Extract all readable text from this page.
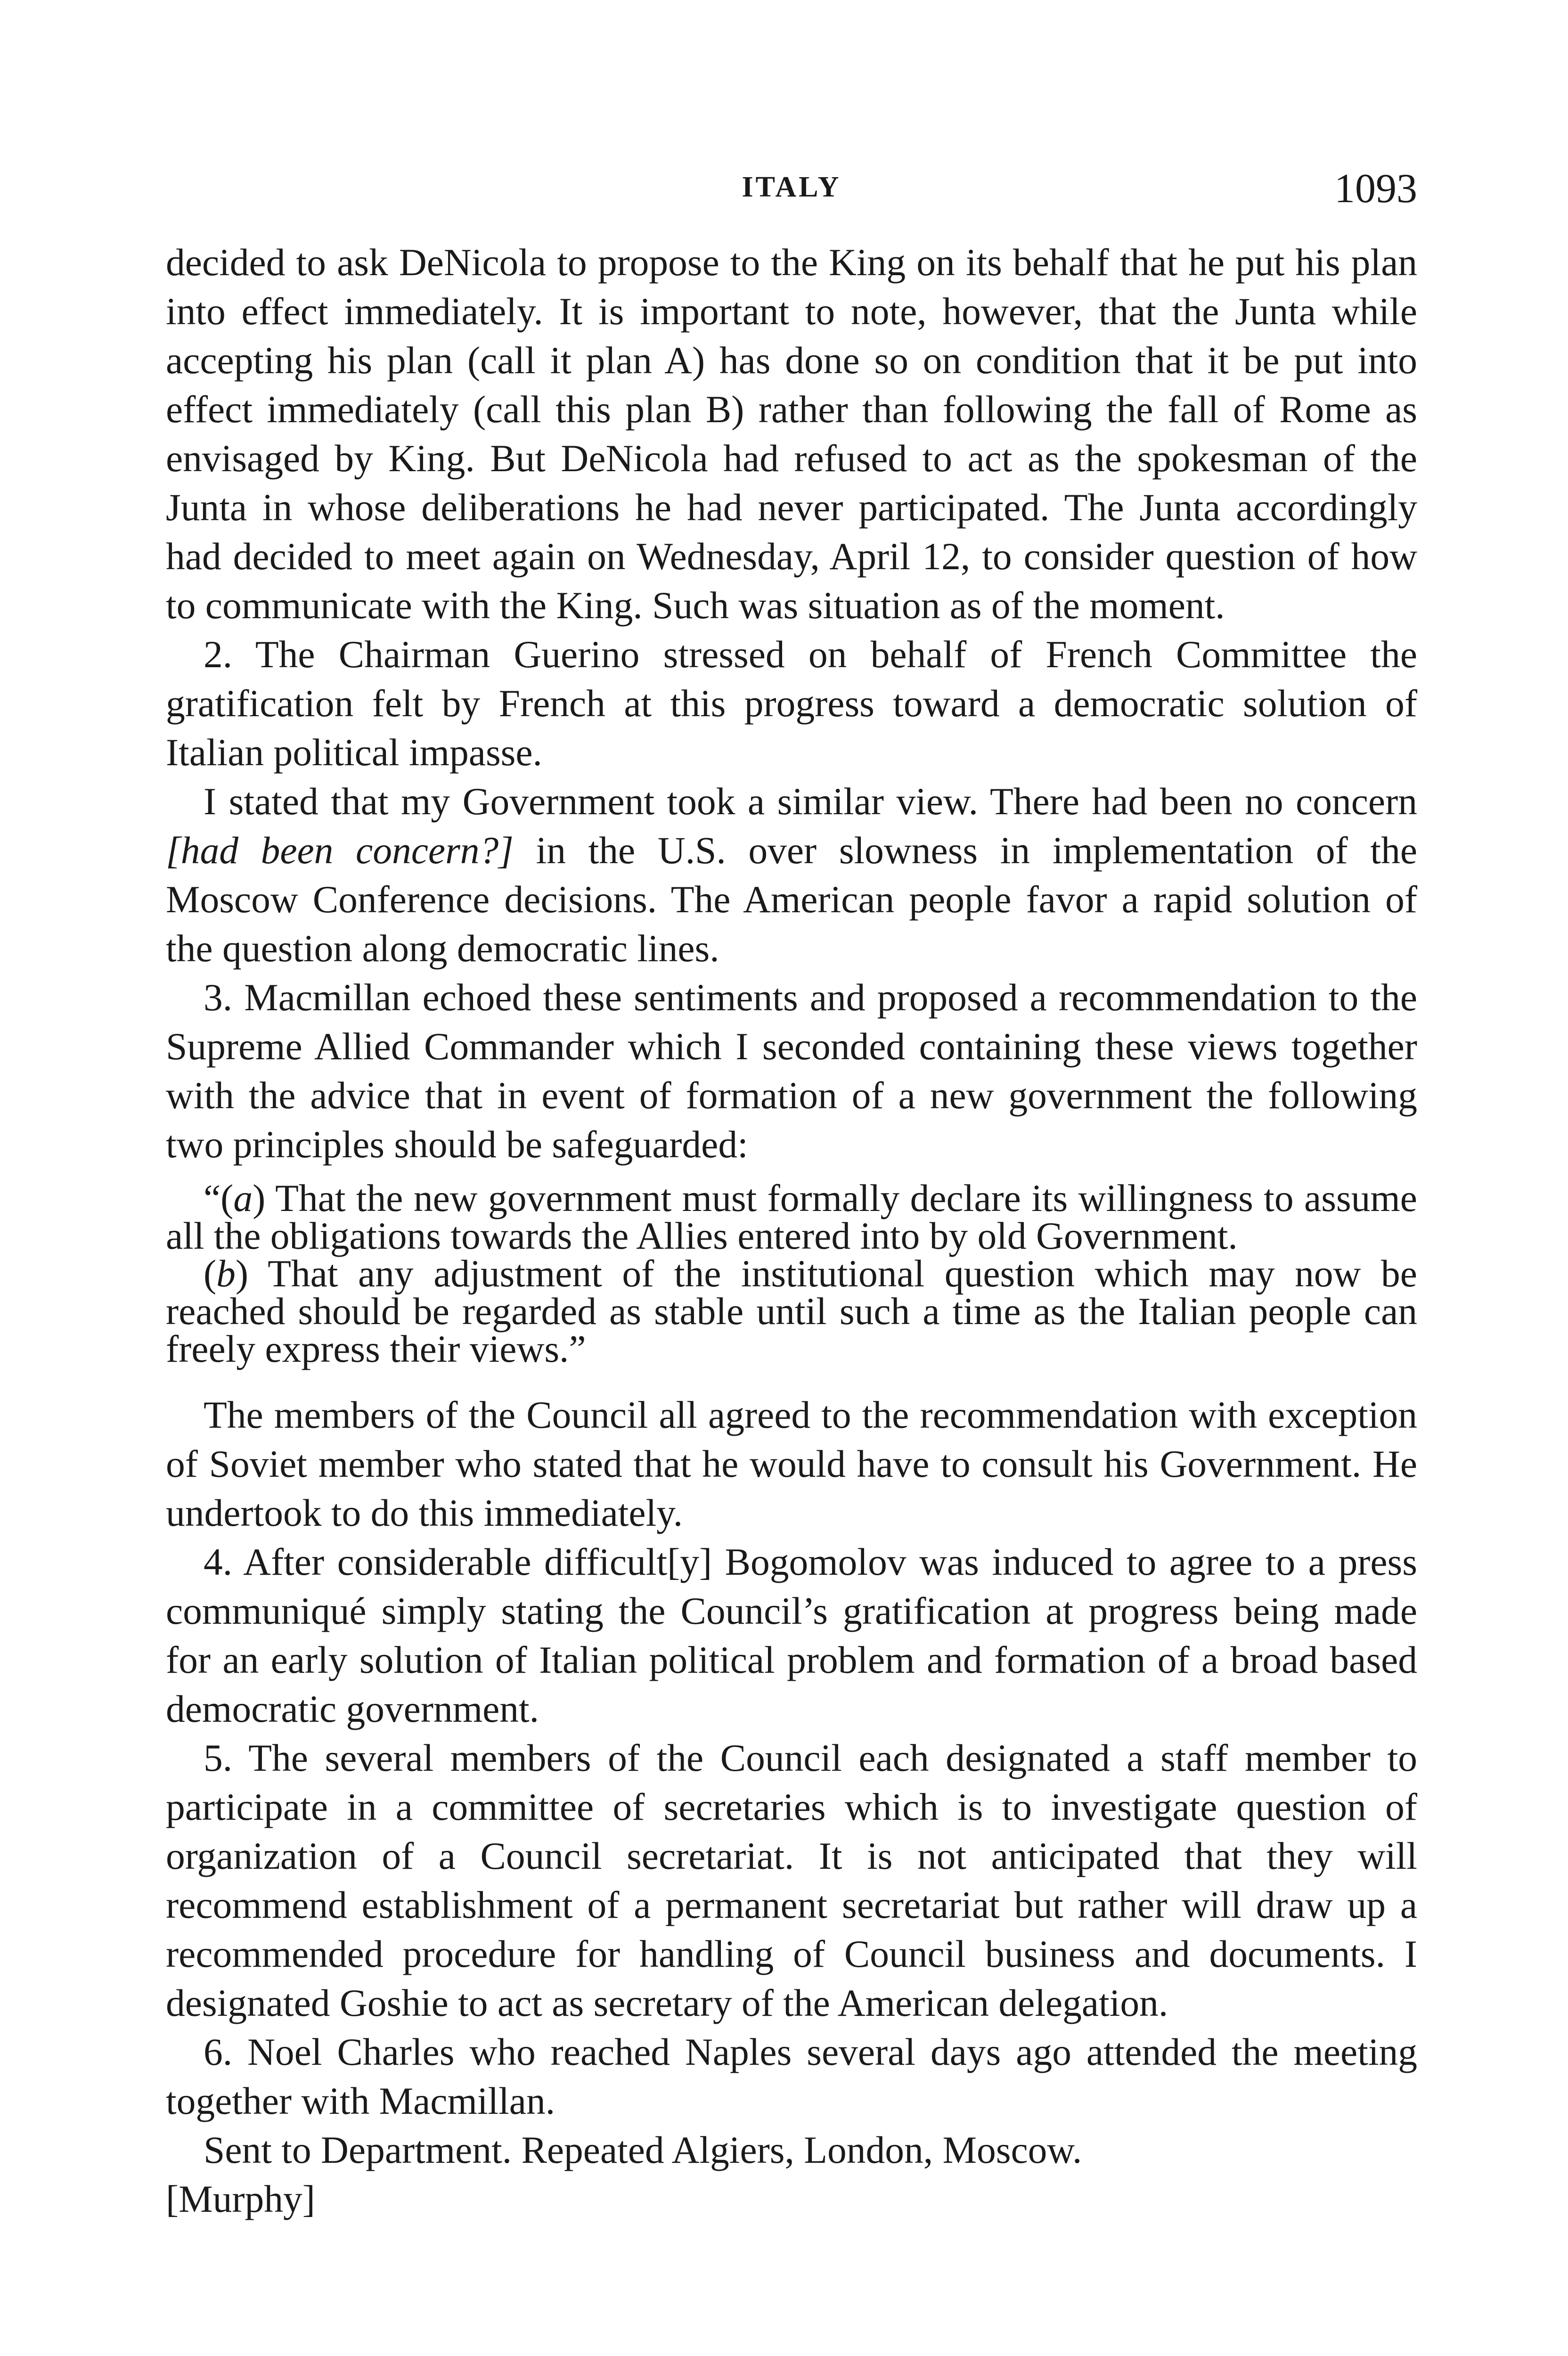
ITALY	1093

decided to ask DeNicola to propose to the King on its behalf that he put his plan into effect immediately. It is important to note, however, that the Junta while accepting his plan (call it plan A) has done so on condition that it be put into effect immediately (call this plan B) rather than following the fall of Rome as envisaged by King. But DeNicola had refused to act as the spokesman of the Junta in whose deliberations he had never participated. The Junta accordingly had decided to meet again on Wednesday, April 12, to consider question of how to communicate with the King. Such was situation as of the moment.

2. The Chairman Guerino stressed on behalf of French Committee the gratification felt by French at this progress toward a democratic solution of Italian political impasse.

I stated that my Government took a similar view. There had been no concern [had been concern?] in the U.S. over slowness in implementation of the Moscow Conference decisions. The American people favor a rapid solution of the question along democratic lines.

3. Macmillan echoed these sentiments and proposed a recommendation to the Supreme Allied Commander which I seconded containing these views together with the advice that in event of formation of a new government the following two principles should be safeguarded:

“(a) That the new government must formally declare its willingness to assume all the obligations towards the Allies entered into by old Government.

(b) That any adjustment of the institutional question which may now be reached should be regarded as stable until such a time as the Italian people can freely express their views.”

The members of the Council all agreed to the recommendation with exception of Soviet member who stated that he would have to consult his Government. He undertook to do this immediately.

4. After considerable difficult[y] Bogomolov was induced to agree to a press communiqué simply stating the Council’s gratification at progress being made for an early solution of Italian political problem and formation of a broad based democratic government.

5. The several members of the Council each designated a staff member to participate in a committee of secretaries which is to investigate question of organization of a Council secretariat. It is not anticipated that they will recommend establishment of a permanent secretariat but rather will draw up a recommended procedure for handling of Council business and documents. I designated Goshie to act as secretary of the American delegation.

6. Noel Charles who reached Naples several days ago attended the meeting together with Macmillan.

Sent to Department. Repeated Algiers, London, Moscow.

[Murphy]
